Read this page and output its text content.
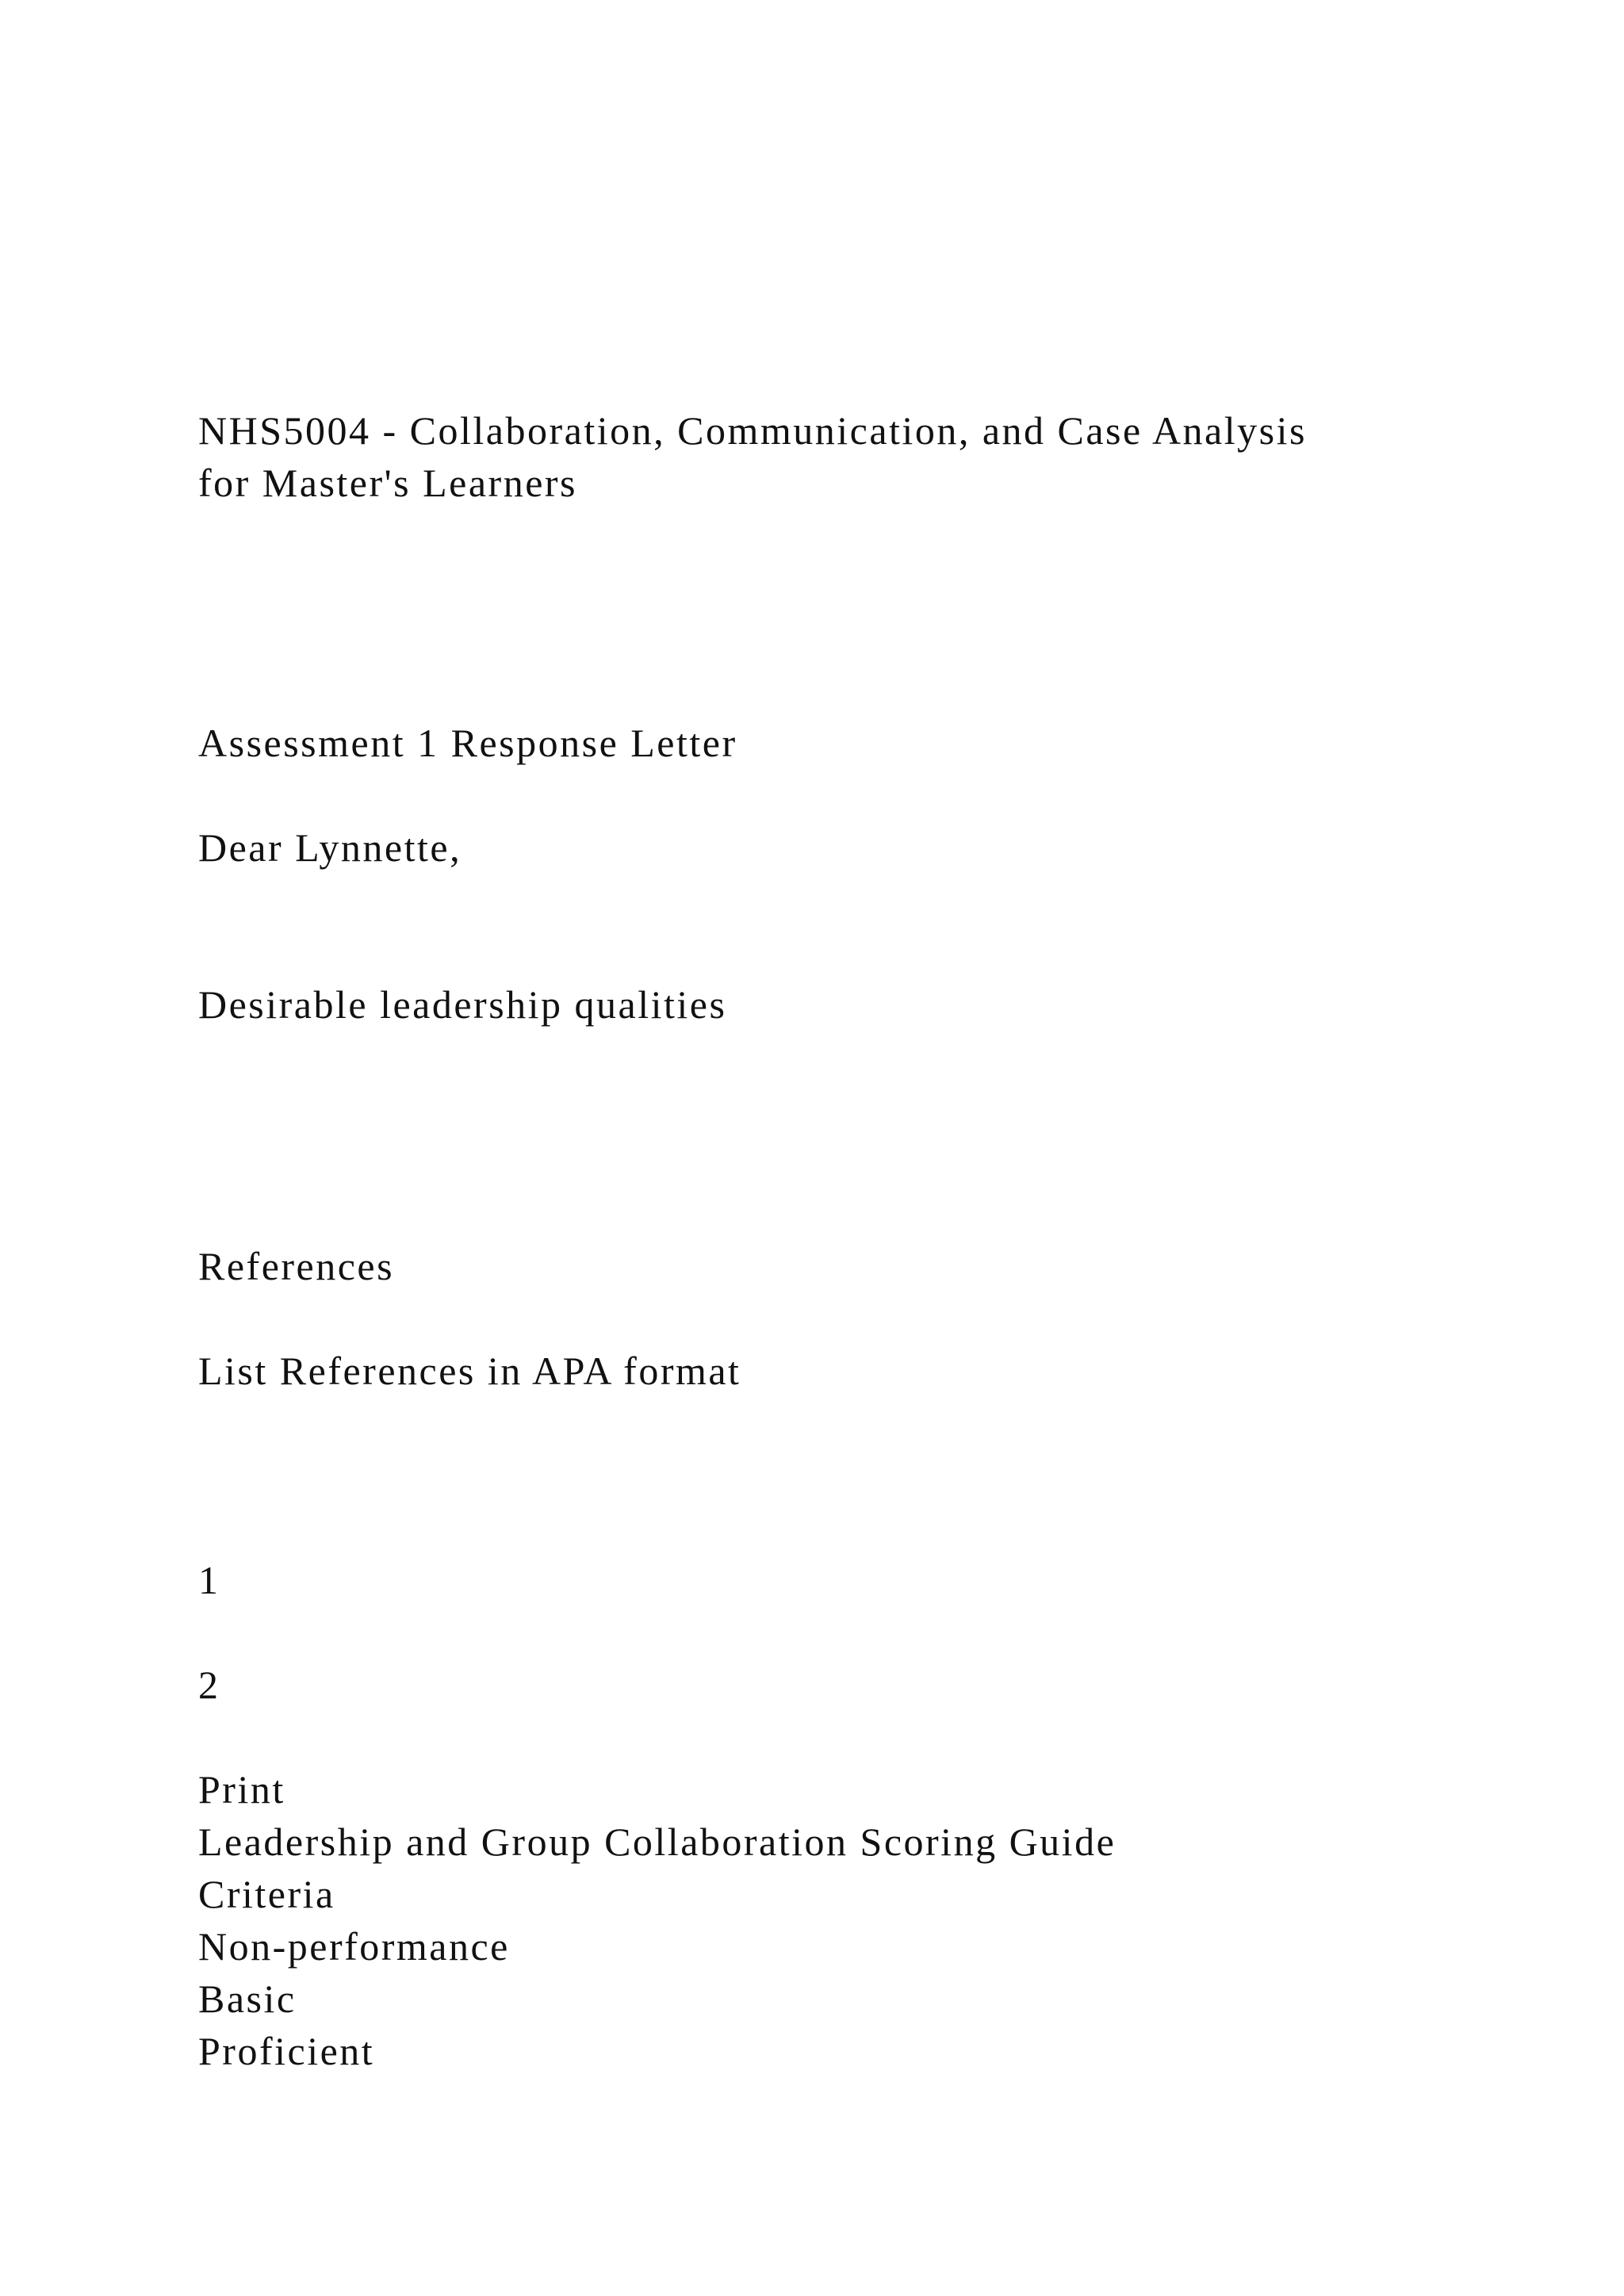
NHS5004 - Collaboration, Communication, and Case Analysis
for Master's Learners
Assessment 1 Response Letter

Dear Lynnette,

Desirable leadership qualities
References

List References in APA format

1

2

Print
Leadership and Group Collaboration Scoring Guide
Criteria
Non-performance
Basic
Proficient
